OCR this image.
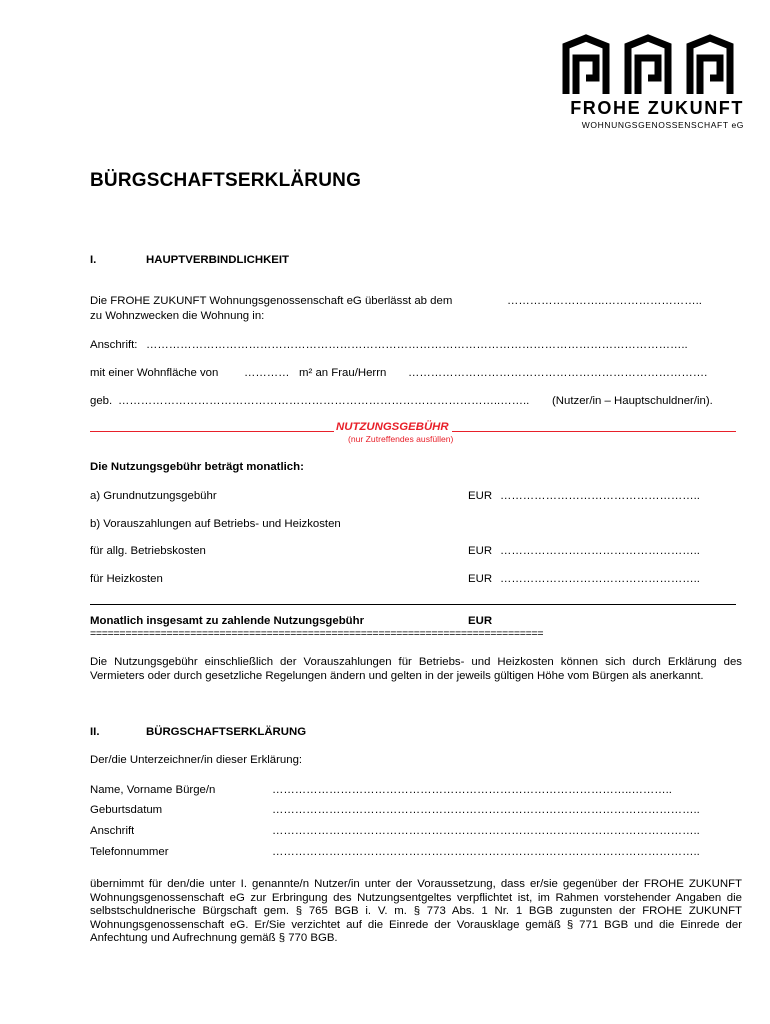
FROHE ZUKUNFT
WOHNUNGSGENOSSENSCHAFT eG
BÜRGSCHAFTSERKLÄRUNG
I.	HAUPTVERBINDLICHKEIT
Die FROHE ZUKUNFT Wohnungsgenossenschaft eG überlässt ab dem	……………………..……………………..
zu Wohnzwecken die Wohnung in:
Anschrift: ……………………………………………………………………………………………………………………………..
mit einer Wohnfläche von ………… m² an Frau/Herrn …………………………………………………………………….
geb. ………………………………………………………………………………………..…….. (Nutzer/in – Hauptschuldner/in).
NUTZUNGSGEBÜHR
(nur Zutreffendes ausfüllen)
Die Nutzungsgebühr beträgt monatlich:
a) Grundnutzungsgebühr	EUR ……………………………………………..
b) Vorauszahlungen auf Betriebs- und Heizkosten
für allg. Betriebskosten	EUR ……………………………………………..
für Heizkosten	EUR ……………………………………………..
Monatlich insgesamt zu zahlende Nutzungsgebühr	EUR
=============================================================================
Die Nutzungsgebühr einschließlich der Vorauszahlungen für Betriebs- und Heizkosten können sich durch Erklärung des Vermieters oder durch gesetzliche Regelungen ändern und gelten in der jeweils gültigen Höhe vom Bürgen als anerkannt.
II.	BÜRGSCHAFTSERKLÄRUNG
Der/die Unterzeichner/in dieser Erklärung:
Name, Vorname Bürge/n	…………………………………………………………………………………..………..
Geburtsdatum	…………………………………………………………………………………………………..
Anschrift	…………………………………………………………………………………………………..
Telefonnummer	…………………………………………………………………………………………………..
übernimmt für den/die unter I. genannte/n Nutzer/in unter der Voraussetzung, dass er/sie gegenüber der FROHE ZUKUNFT Wohnungsgenossenschaft eG zur Erbringung des Nutzungsentgeltes verpflichtet ist, im Rahmen vorstehender Angaben die selbstschuldnerische Bürgschaft gem. § 765 BGB i. V. m. § 773 Abs. 1 Nr. 1 BGB zugunsten der FROHE ZUKUNFT Wohnungsgenossenschaft eG. Er/Sie verzichtet auf die Einrede der Vorausklage gemäß § 771 BGB und die Einrede der Anfechtung und Aufrechnung gemäß § 770 BGB.
